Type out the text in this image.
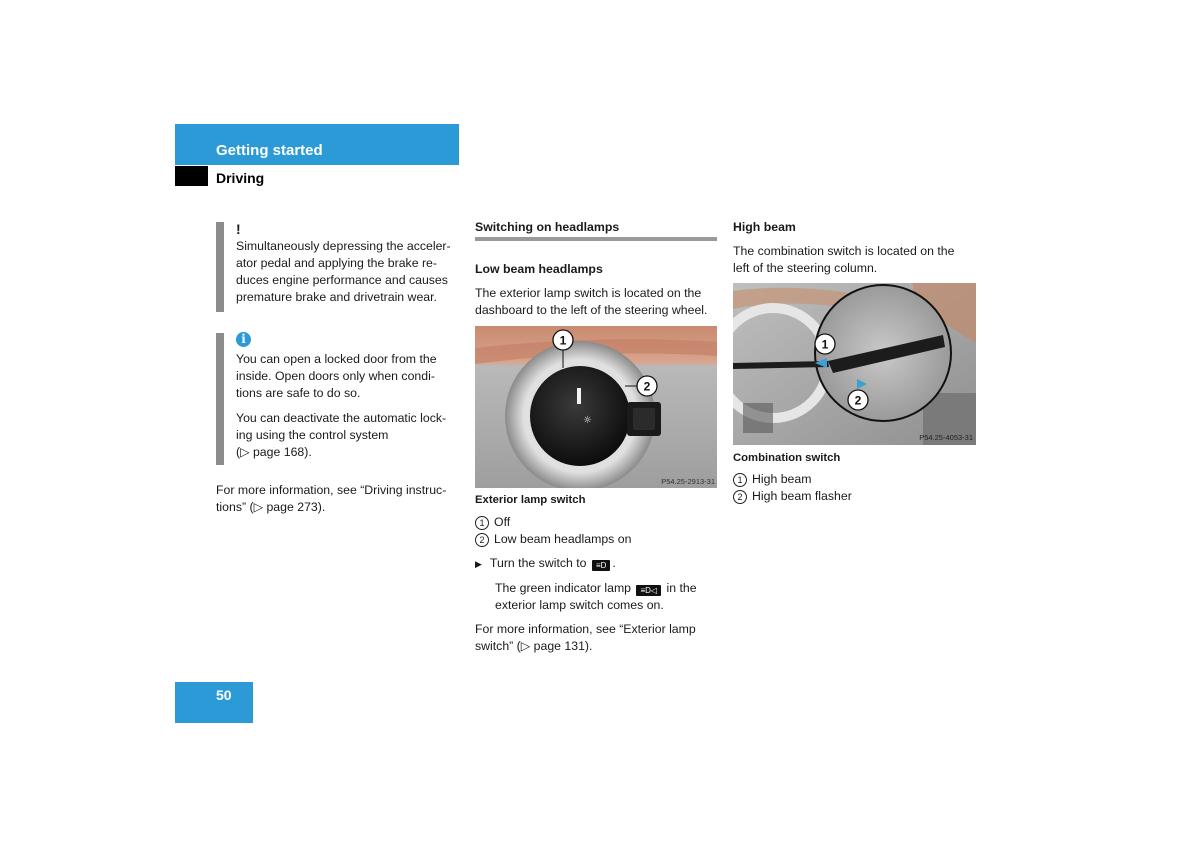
Getting started
Driving
!

Simultaneously depressing the acceler-

ator pedal and applying the brake re-

duces engine performance and causes

premature brake and drivetrain wear.

i

You can open a locked door from the

inside. Open doors only when condi-

tions are safe to do so.

You can deactivate the automatic lock-

ing using the control system

(▷ page 168).

For more information, see “Driving instruc-

tions” (▷ page 273).

Switching on headlamps
Low beam headlamps

The exterior lamp switch is located on the

dashboard to the left of the steering wheel.

☼
Auto
1
2
P54.25-2913-31
Exterior lamp switch
1 Off
2 Low beam headlamps on
▶ Turn the switch to ≡D .
The green indicator lamp ≡D◁ in the
exterior lamp switch comes on.
For more information, see “Exterior lamp
switch” (▷ page 131).
High beam

The combination switch is located on the

left of the steering column.

1
2
P54.25-4053-31
Combination switch
1 High beam
2 High beam flasher
50
